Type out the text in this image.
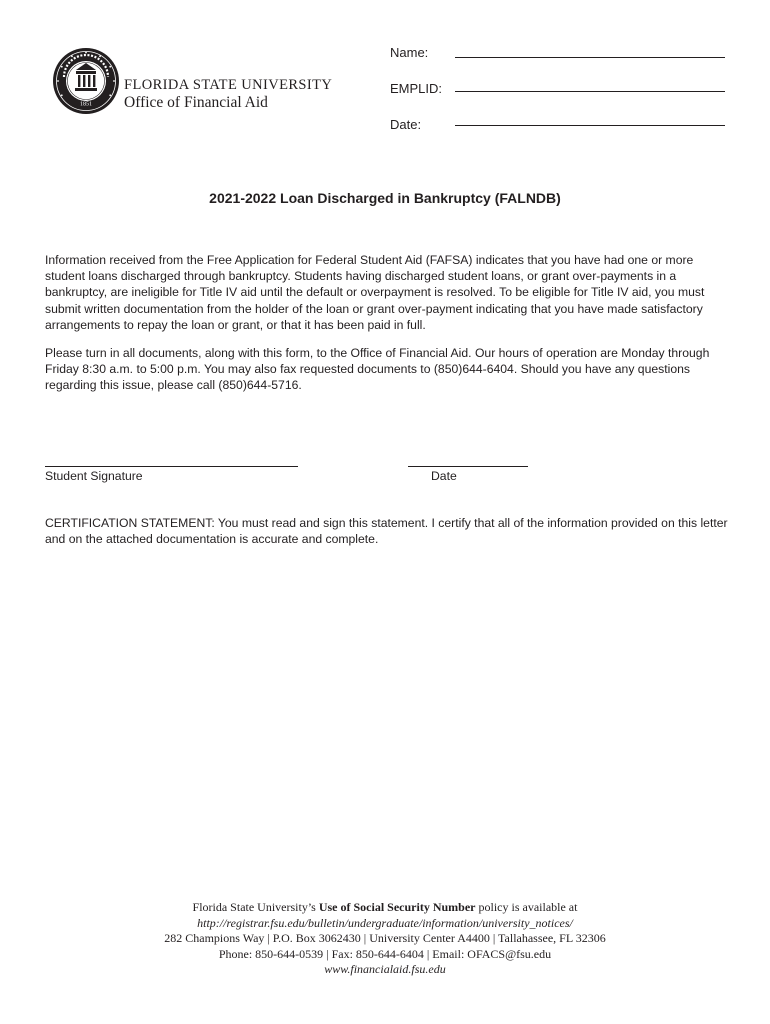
1851
FLORIDA STATE UNIVERSITY
Office of Financial Aid
Name:
EMPLID:
Date:
2021-2022 Loan Discharged in Bankruptcy (FALNDB)

Information received from the Free Application for Federal Student Aid (FAFSA) indicates that you have had one or more student loans discharged through bankruptcy. Students having discharged student loans, or grant over-payments in a bankruptcy, are ineligible for Title IV aid until the default or overpayment is resolved. To be eligible for Title IV aid, you must submit written documentation from the holder of the loan or grant over-payment indicating that you have made satisfactory arrangements to repay the loan or grant, or that it has been paid in full.

Please turn in all documents, along with this form, to the Office of Financial Aid. Our hours of operation are Monday through Friday 8:30 a.m. to 5:00 p.m. You may also fax requested documents to (850)644-6404. Should you have any questions regarding this issue, please call (850)644-5716.

Student Signature	Date

CERTIFICATION STATEMENT: You must read and sign this statement. I certify that all of the information provided on this letter and on the attached documentation is accurate and complete.

Florida State University’s Use of Social Security Number policy is available at
http://registrar.fsu.edu/bulletin/undergraduate/information/university_notices/
282 Champions Way | P.O. Box 3062430 | University Center A4400 | Tallahassee, FL 32306
Phone: 850-644-0539 | Fax: 850-644-6404 | Email: OFACS@fsu.edu
www.financialaid.fsu.edu
